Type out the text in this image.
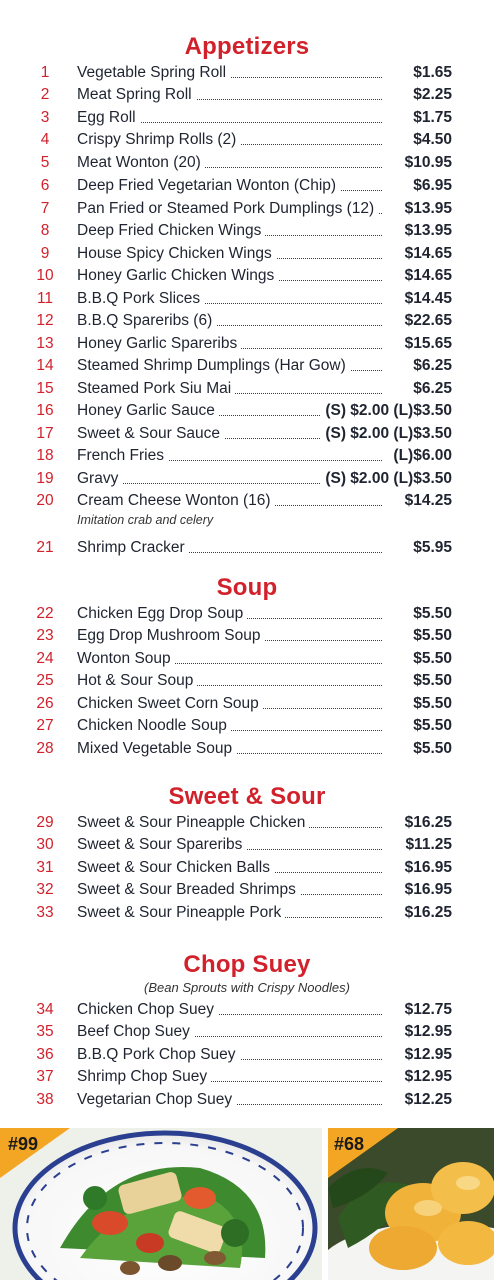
Appetizers
Soup
Sweet & Sour
Chop Suey
(Bean Sprouts with Crispy Noodles)
1	Vegetable Spring Roll	$1.65
2	Meat Spring Roll	$2.25
3	Egg Roll	$1.75
4	Crispy Shrimp Rolls (2)	$4.50
5	Meat Wonton (20)	$10.95
6	Deep Fried Vegetarian Wonton (Chip)	$6.95
7	Pan Fried or Steamed Pork Dumplings (12) $13.95
8	Deep Fried Chicken Wings	$13.95
9	House Spicy Chicken Wings	$14.65
10	Honey Garlic Chicken Wings	$14.65
11	B.B.Q Pork Slices	$14.45
12	B.B.Q Spareribs (6)	$22.65
13	Honey Garlic Spareribs	$15.65
14	Steamed Shrimp Dumplings (Har Gow)	$6.25
15	Steamed Pork Siu Mai	$6.25
16	Honey Garlic Sauce	(S) $2.00 (L)$3.50
17	Sweet & Sour Sauce	(S) $2.00 (L)$3.50
18	French Fries	(L)$6.00
19	Gravy	(S) $2.00 (L)$3.50
20	Cream Cheese Wonton (16)	$14.25
Imitation crab and celery
21	Shrimp Cracker	$5.95
22	Chicken Egg Drop Soup	$5.50
23	Egg Drop Mushroom Soup	$5.50
24	Wonton Soup	$5.50
25	Hot & Sour Soup	$5.50
26	Chicken Sweet Corn Soup	$5.50
27	Chicken Noodle Soup	$5.50
28	Mixed Vegetable Soup	$5.50
29	Sweet & Sour Pineapple Chicken	$16.25
30	Sweet & Sour Spareribs	$11.25
31	Sweet & Sour Chicken Balls	$16.95
32	Sweet & Sour Breaded Shrimps	$16.95
33	Sweet & Sour Pineapple Pork	$16.25
34	Chicken Chop Suey	$12.75
35	Beef Chop Suey	$12.95
36	B.B.Q Pork Chop Suey	$12.95
37	Shrimp Chop Suey	$12.95
38	Vegetarian Chop Suey	$12.25
#99	#68
